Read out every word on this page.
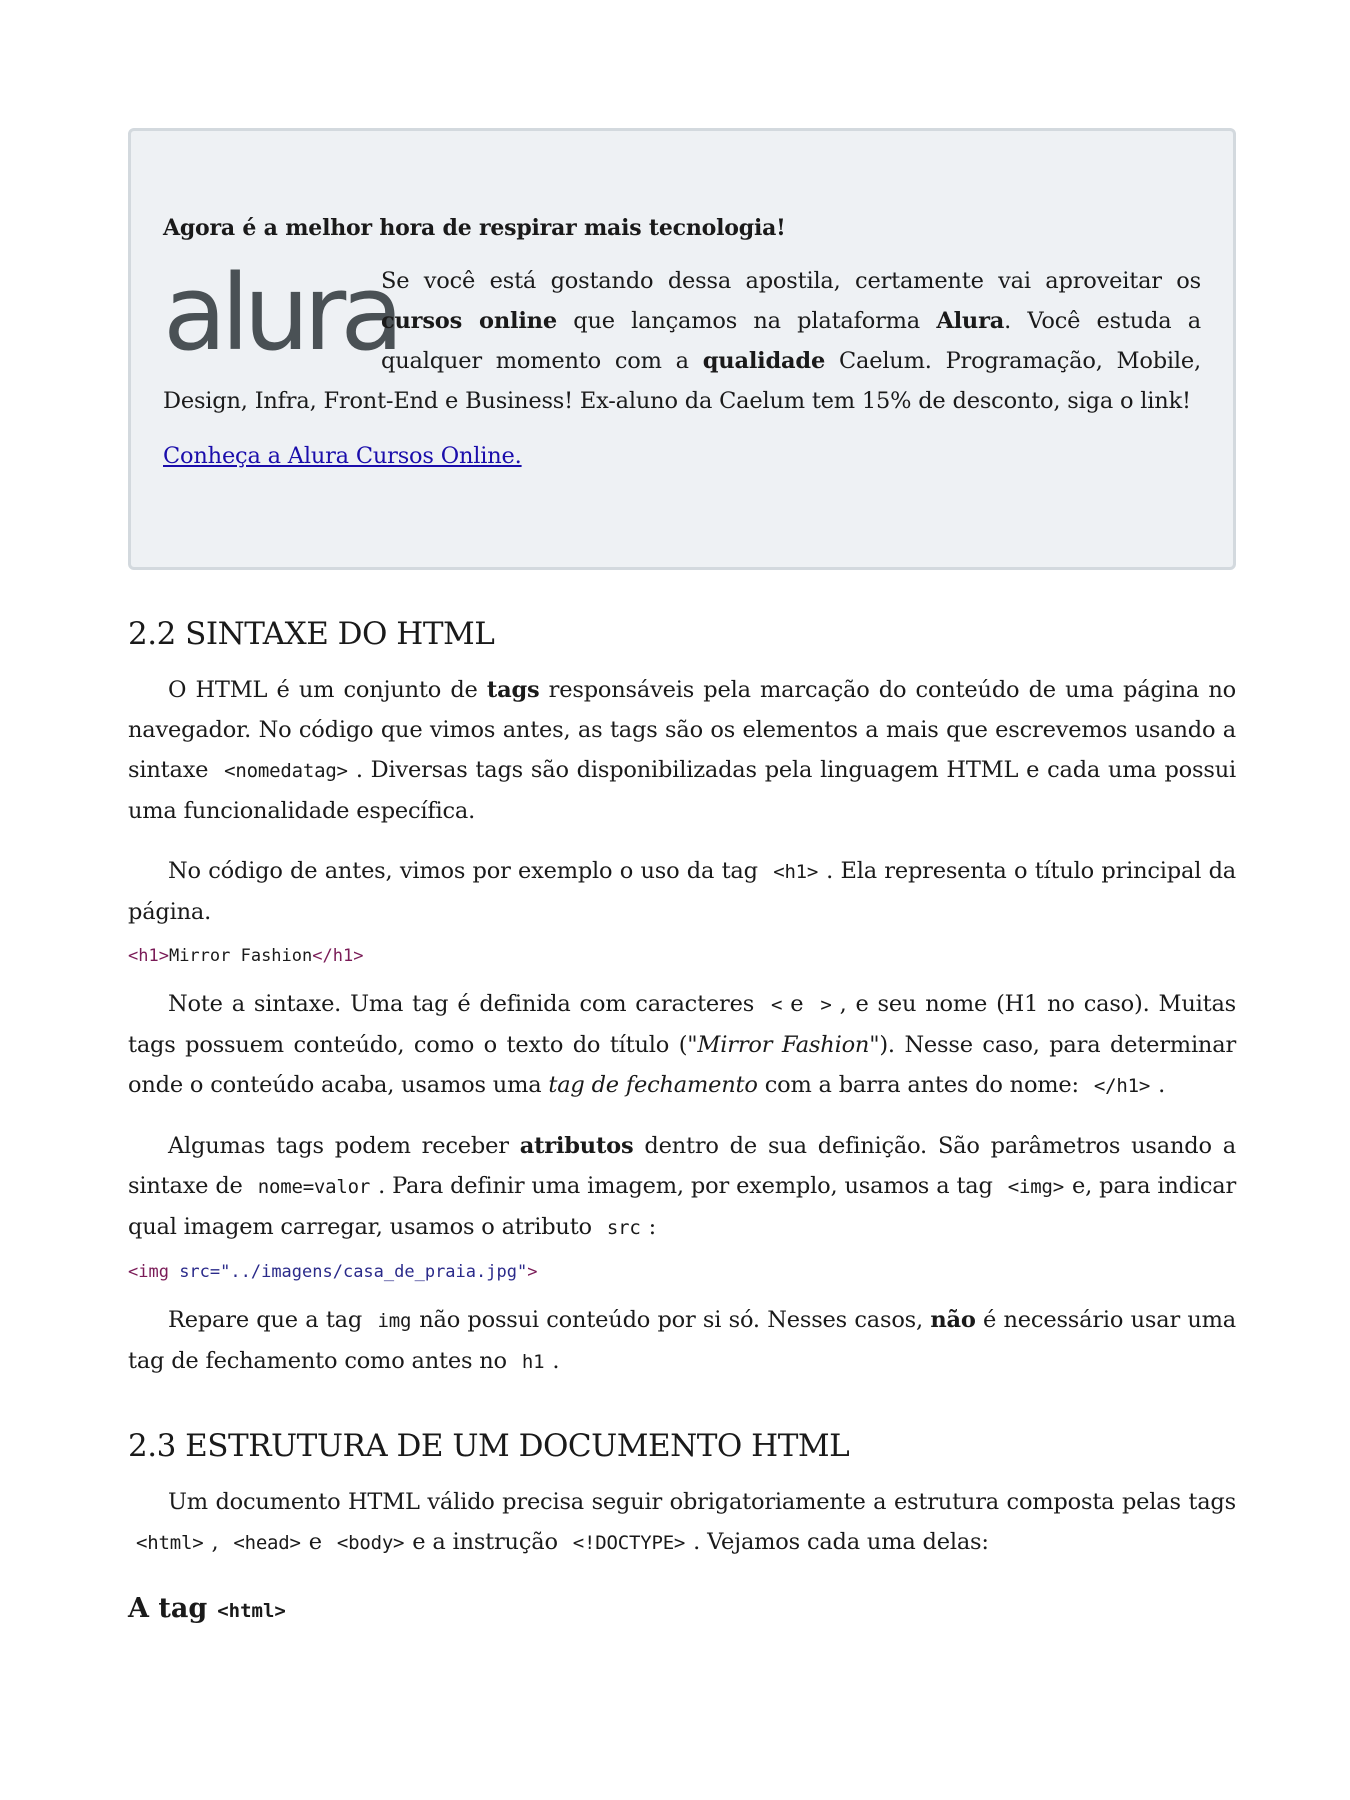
Agora é a melhor hora de respirar mais tecnologia!
alura

Se você está gostando dessa apostila, certamente vai aproveitar os cursos online que lançamos na plataforma Alura. Você estuda a qualquer momento com a qualidade Caelum. Programação, Mobile, Design, Infra, Front-End e Business! Ex-aluno da Caelum tem 15% de desconto, siga o link!

Conheça a Alura Cursos Online.
2.2 SINTAXE DO HTML

O HTML é um conjunto de tags responsáveis pela marcação do conteúdo de uma página no navegador. No código que vimos antes, as tags são os elementos a mais que escrevemos usando a sintaxe <nomedatag> . Diversas tags são disponibilizadas pela linguagem HTML e cada uma possui uma funcionalidade específica.

No código de antes, vimos por exemplo o uso da tag <h1> . Ela representa o título principal da página.

<h1>Mirror Fashion</h1>

Note a sintaxe. Uma tag é definida com caracteres < e > , e seu nome (H1 no caso). Muitas tags possuem conteúdo, como o texto do título ("Mirror Fashion"). Nesse caso, para determinar onde o conteúdo acaba, usamos uma tag de fechamento com a barra antes do nome: </h1> .

Algumas tags podem receber atributos dentro de sua definição. São parâmetros usando a sintaxe de nome=valor . Para definir uma imagem, por exemplo, usamos a tag <img> e, para indicar qual imagem carregar, usamos o atributo src :

<img src="../imagens/casa_de_praia.jpg">

Repare que a tag img não possui conteúdo por si só. Nesses casos, não é necessário usar uma tag de fechamento como antes no h1 .

2.3 ESTRUTURA DE UM DOCUMENTO HTML

Um documento HTML válido precisa seguir obrigatoriamente a estrutura composta pelas tags <html> , <head> e <body> e a instrução <!DOCTYPE> . Vejamos cada uma delas:

A tag <html>
